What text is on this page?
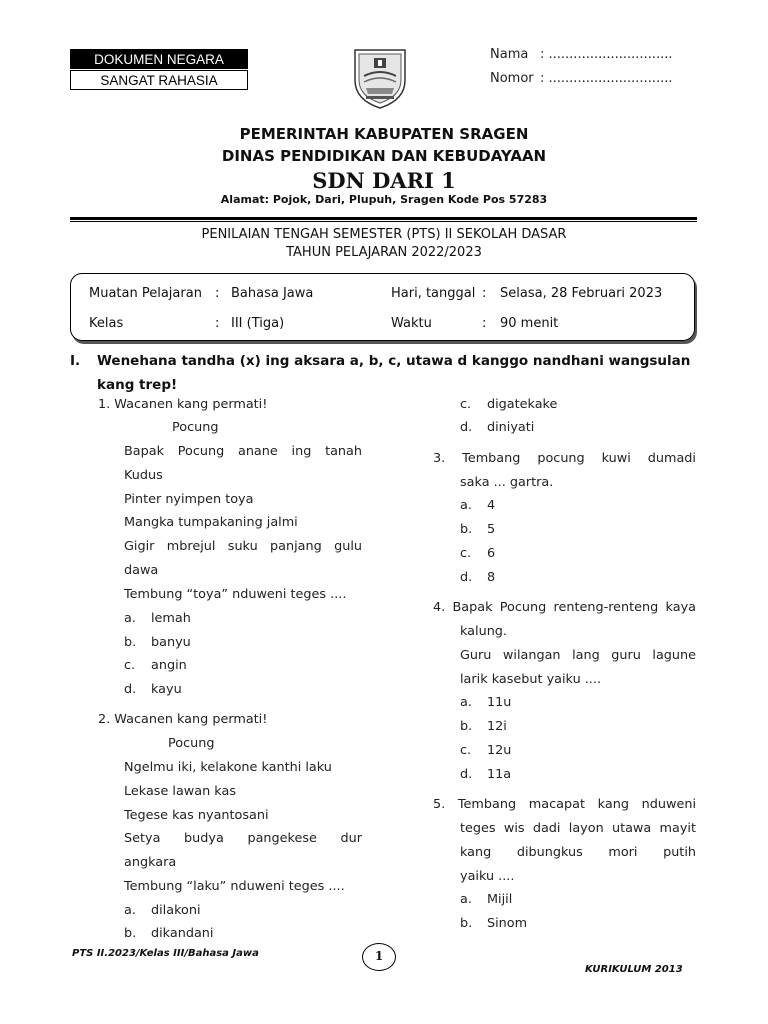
DOKUMEN NEGARA
SANGAT RAHASIA
Nama : ..............................
Nomor : ..............................
PEMERINTAH KABUPATEN SRAGEN
DINAS PENDIDIKAN DAN KEBUDAYAAN
SDN DARI 1
Alamat: Pojok, Dari, Plupuh, Sragen Kode Pos 57283
PENILAIAN TENGAH SEMESTER (PTS) II SEKOLAH DASAR
TAHUN PELAJARAN 2022/2023
Muatan Pelajaran : Bahasa Jawa	Hari, tanggal : Selasa, 28 Februari 2023
Kelas	: III (Tiga)	Waktu	: 90 menit
I. Wenehana tandha (x) ing aksara a, b, c, utawa d kanggo nandhani wangsulan
kang trep!
1. Wacanen kang permati!
Pocung
Bapak Pocung anane ing tanah
Kudus
Pinter nyimpen toya
Mangka tumpakaning jalmi
Gigir mbrejul suku panjang gulu
dawa
Tembung “toya” nduweni teges ....
a. lemah
b. banyu
c. angin
d. kayu
2. Wacanen kang permati!
Pocung
Ngelmu iki, kelakone kanthi laku
Lekase lawan kas
Tegese kas nyantosani
Setya budya pangekese dur
angkara
Tembung “laku” nduweni teges ....
a. dilakoni
b. dikandani
c. digatekake
d. diniyati
3. Tembang pocung kuwi dumadi
saka ... gartra.
a. 4
b. 5
c. 6
d. 8
4. Bapak Pocung renteng-renteng kaya
kalung.
Guru wilangan lang guru lagune
larik kasebut yaiku ....
a. 11u
b. 12i
c. 12u
d. 11a
5. Tembang macapat kang nduweni
teges wis dadi layon utawa mayit
kang dibungkus mori putih
yaiku ....
a. Mijil
b. Sinom
PTS II.2023/Kelas III/Bahasa Jawa	1
KURIKULUM 2013
